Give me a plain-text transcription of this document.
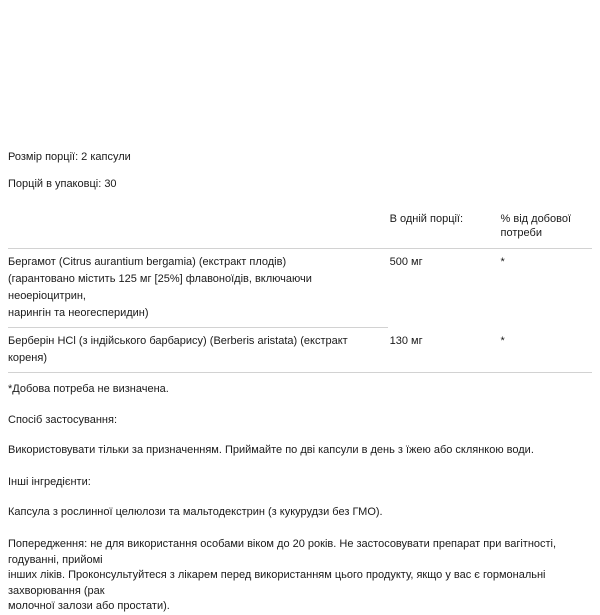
Розмір порції: 2 капсули
Порцій в упаковці: 30
	В одній порції:	% від добової потреби
Бергамот (Citrus aurantium bergamia) (екстракт плодів)	500 мг	*
(гарантовано містить 125 мг [25%] флавоноїдів, включаючи неоеріоцитрин,
нарингін та неогесперидин)		
Берберін HCl (з індійського барбарису) (Berberis aristata) (екстракт кореня)	130 мг	*

*Добова потреба не визначена.

Спосіб застосування:
Використовувати тільки за призначенням. Приймайте по дві капсули в день з їжею або склянкою води.
Інші інгредієнти:
Капсула з рослинної целюлози та мальтодекстрин (з кукурудзи без ГМО).
Попередження: не для використання особами віком до 20 років. Не застосовувати препарат при вагітності, годуванні, прийомі
інших ліків. Проконсультуйтеся з лікарем перед використанням цього продукту, якщо у вас є гормональні захворювання (рак
молочної залози або простати).
